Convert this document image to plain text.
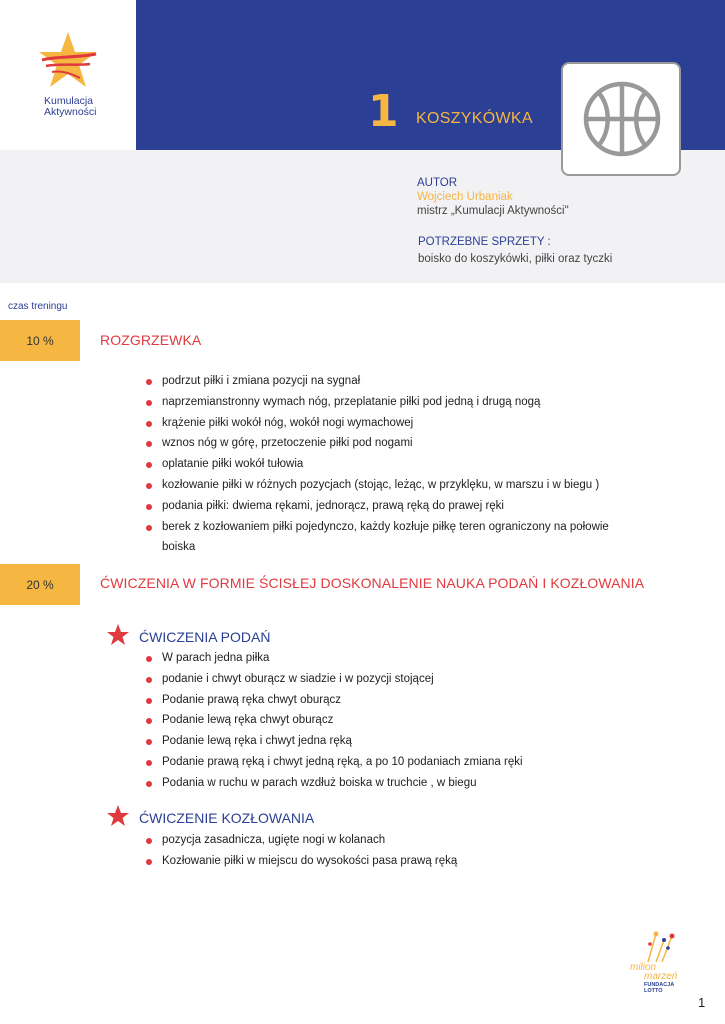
Kumulacja
Aktywności	1 KOSZYKÓWKA
AUTOR
Wojciech Urbaniak
mistrz „Kumulacji Aktywności"
POTRZEBNE SPRZETY :
boisko do koszykówki, piłki oraz tyczki
czas treningu
10 %	ROZGRZEWKA
podrzut piłki i zmiana pozycji na sygnał
naprzemianstronny wymach nóg, przeplatanie piłki pod jedną i drugą nogą
krążenie piłki wokół nóg, wokół nogi wymachowej
wznos nóg w górę, przetoczenie piłki pod nogami
oplatanie piłki wokół tułowia
kozłowanie piłki w różnych pozycjach (stojąc, leżąc, w przyklęku, w marszu i w biegu )
podania piłki: dwiema rękami, jednorącz, prawą ręką do prawej ręki
berek z kozłowaniem piłki pojedynczo, każdy kozłuje piłkę teren ograniczony na połowie
boiska
20 %	ĆWICZENIA W FORMIE ŚCISŁEJ DOSKONALENIE NAUKA PODAŃ I KOZŁOWANIA
ĆWICZENIA PODAŃ
W parach jedna piłka
podanie i chwyt oburącz w siadzie i w pozycji stojącej
Podanie prawą ręka chwyt oburącz
Podanie lewą ręka chwyt oburącz
Podanie lewą ręka i chwyt jedna ręką
Podanie prawą ręką i chwyt jedną ręką, a po 10 podaniach zmiana ręki
Podania w ruchu w parach wzdłuż boiska w truchcie , w biegu
ĆWICZENIE KOZŁOWANIA
pozycja zasadnicza, ugięte nogi w kolanach
Kozłowanie piłki w miejscu do wysokości pasa prawą ręką
milion
marzeń
FUNDACJA LOTTO
1
